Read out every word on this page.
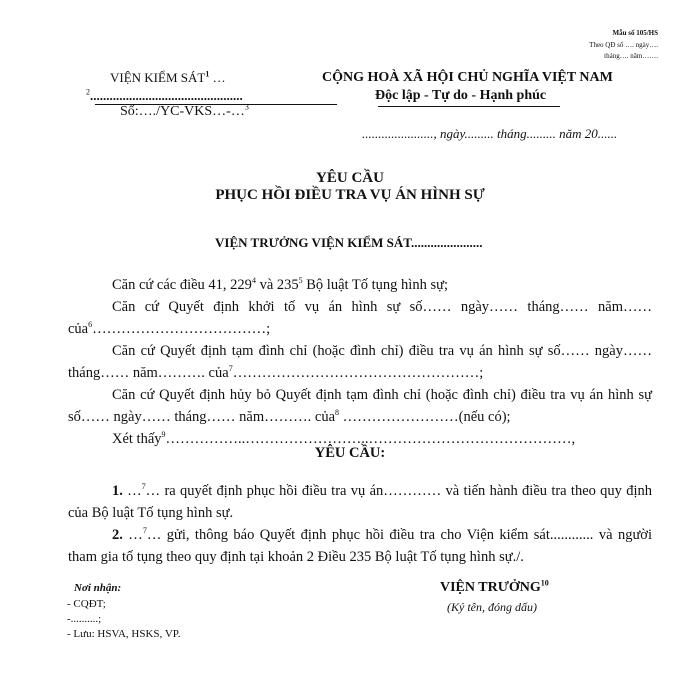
Mẫu số 105/HS
Theo QĐ số …. ngày….
tháng…. năm…….
VIỆN KIỂM SÁT$^1$ …
$^2$...............................................
Số:…./YC-VKS…-…$^3$
CỘNG HOÀ XÃ HỘI CHỦ NGHĨA VIỆT NAM
Độc lập - Tự do - Hạnh phúc
......................, ngày......... tháng......... năm 20......
YÊU CẦU
PHỤC HỒI ĐIỀU TRA VỤ ÁN HÌNH SỰ
VIỆN TRƯỞNG VIỆN KIỂM SÁT......................

Căn cứ các điều 41, $229^4$ và $235^5$ Bộ luật Tố tụng hình sự;

Căn cứ Quyết định khởi tố vụ án hình sự số…… ngày…… tháng…… năm…… của$^6$………………………………;

Căn cứ Quyết định tạm đình chỉ (hoặc đình chỉ) điều tra vụ án hình sự số…… ngày…… tháng…… năm………. của$^7$……………………………………………;

Căn cứ Quyết định hủy bỏ Quyết định tạm đình chỉ (hoặc đình chỉ) điều tra vụ án hình sự số…… ngày…… tháng…… năm………. của$^8$ ……………………(nếu có);

Xét thấy$^9$……………..……………………..……………………………………,

YÊU CẦU:

1. …$^7$… ra quyết định phục hồi điều tra vụ án………… và tiến hành điều tra theo quy định của Bộ luật Tố tụng hình sự.

2. …$^7$… gửi, thông báo Quyết định phục hồi điều tra cho Viện kiểm sát............ và người tham gia tố tụng theo quy định tại khoản 2 Điều 235 Bộ luật Tố tụng hình sự./.

Nơi nhận:
- CQĐT;
-..........;
- Lưu: HSVA, HSKS, VP.
VIỆN TRƯỞNG$^{10}$
(Ký tên, đóng dấu)
